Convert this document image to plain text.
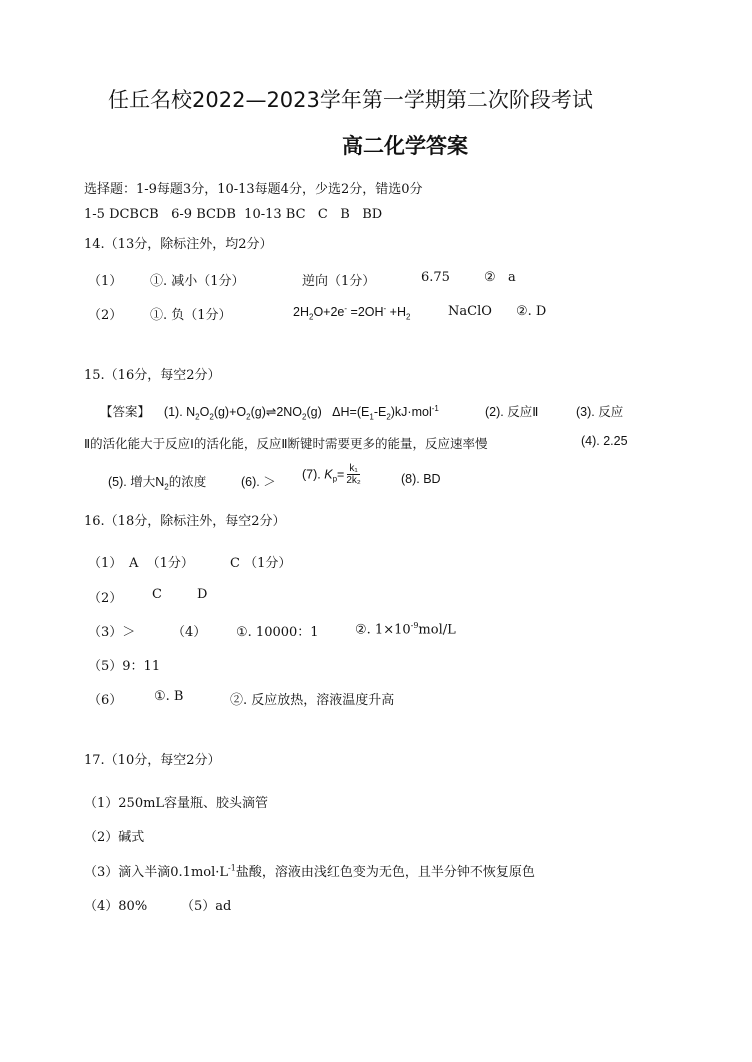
任丘名校2022—2023学年第一学期第二次阶段考试
高二化学答案
选择题：1-9每题3分，10-13每题4分，少选2分，错选0分
1-5 DCBCB   6-9 BCDB  10-13 BC   C   B   BD
14.（13分，除标注外，均2分）
（1） ①. 减小（1分）	逆向（1分）	6.75	②   a
（2） ①. 负（1分）	$2H_2O+2e^- =2OH^- +H_2$	NaClO ②. D
15.（16分，每空2分）
【答案】 (1). $N_2O_2(g)+O_2(g)\rightleftharpoons 2NO_2(g)$   $\Delta H=(E_1-E_2)kJ\cdot mol^{-1}$	(2). 反应Ⅱ	(3). 反应
Ⅱ的活化能大于反应Ⅰ的活化能，反应Ⅱ断键时需要更多的能量，反应速率慢	(4). 2.25
(5). 增大$N_2$的浓度	(6). ＞
(7). $K_p= \frac{\text{k₁}}{\text{2k₂}}$	(8). BD
16.（18分，除标注外，每空2分）
（1） A  （1分）	C （1分）
（2） C	D
（3）＞	（4） ①. 10000：1	②. $1\times 10^{-9}mol/L$
（5）9：11
（6） ①. B	②. 反应放热，溶液温度升高
17.（10分，每空2分）
（1）250mL容量瓶、胶头滴管
（2）碱式
（3）滴入半滴$0.1mol\cdot L^{-1}$盐酸，溶液由浅红色变为无色，且半分钟不恢复原色
（4）80%	（5）ad
